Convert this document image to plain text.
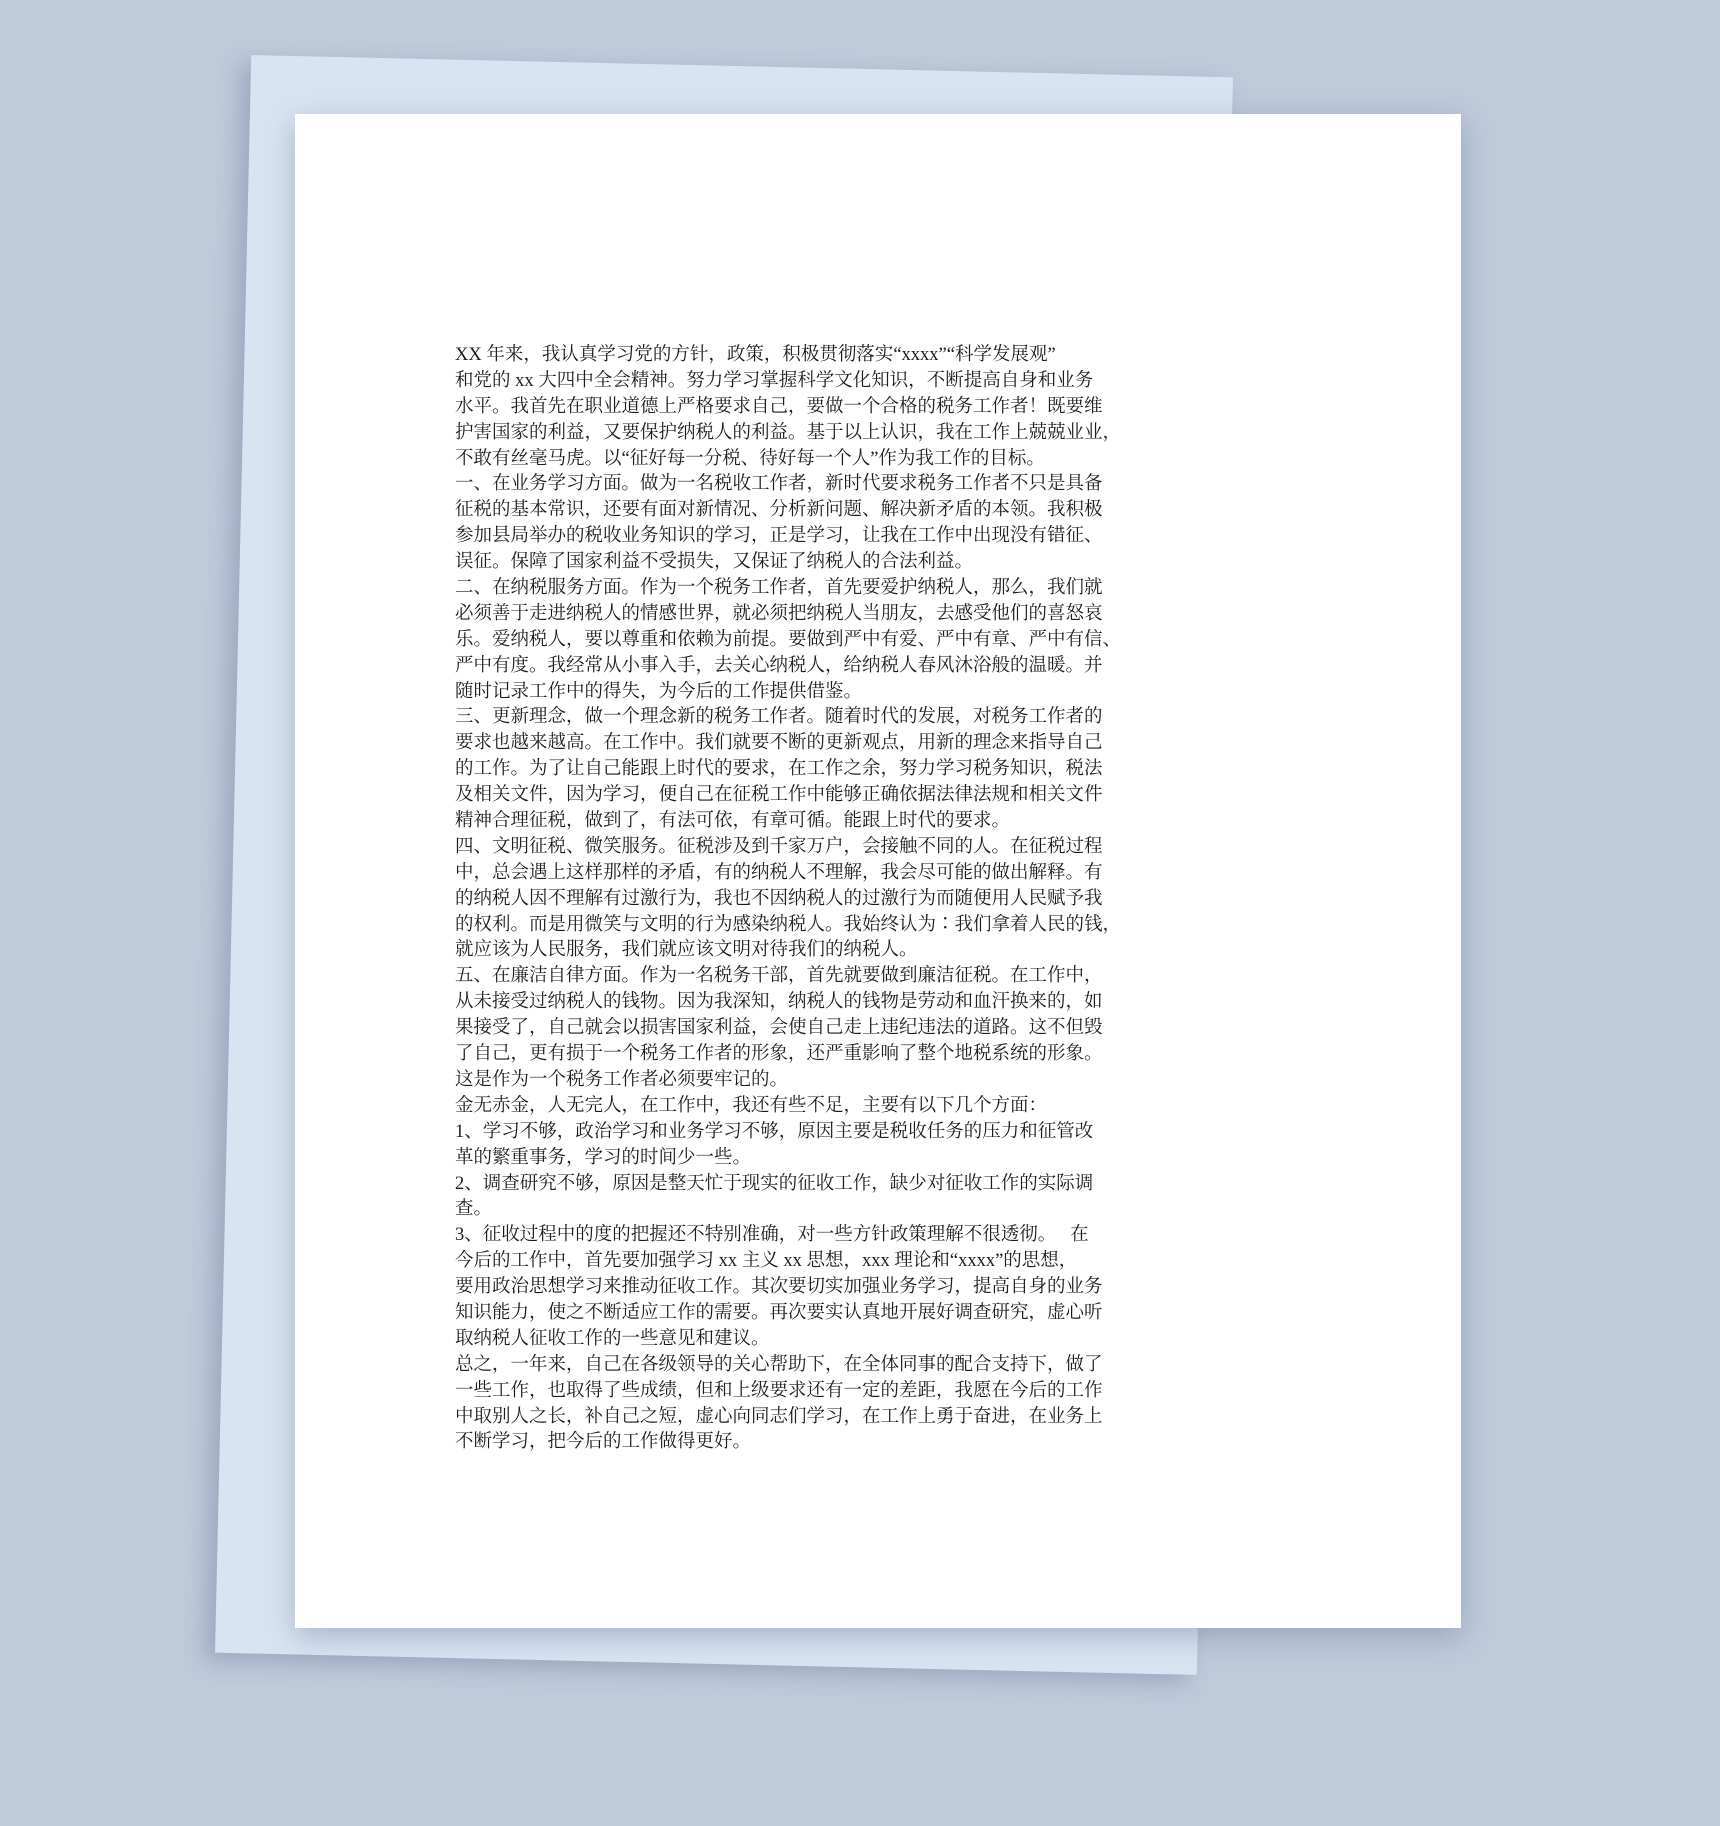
XX 年来，我认真学习党的方针，政策，积极贯彻落实“xxxx”“科学发展观”
和党的 xx 大四中全会精神。努力学习掌握科学文化知识，不断提高自身和业务
水平。我首先在职业道德上严格要求自己，要做一个合格的税务工作者！既要维
护害国家的利益，又要保护纳税人的利益。基于以上认识，我在工作上兢兢业业，
不敢有丝毫马虎。以“征好每一分税、待好每一个人”作为我工作的目标。
一、在业务学习方面。做为一名税收工作者，新时代要求税务工作者不只是具备
征税的基本常识，还要有面对新情况、分析新问题、解决新矛盾的本领。我积极
参加县局举办的税收业务知识的学习，正是学习，让我在工作中出现没有错征、
误征。保障了国家利益不受损失，又保证了纳税人的合法利益。
二、在纳税服务方面。作为一个税务工作者，首先要爱护纳税人，那么，我们就
必须善于走进纳税人的情感世界，就必须把纳税人当朋友，去感受他们的喜怒哀
乐。爱纳税人，要以尊重和依赖为前提。要做到严中有爱、严中有章、严中有信、
严中有度。我经常从小事入手，去关心纳税人，给纳税人春风沐浴般的温暖。并
随时记录工作中的得失，为今后的工作提供借鉴。
三、更新理念，做一个理念新的税务工作者。随着时代的发展，对税务工作者的
要求也越来越高。在工作中。我们就要不断的更新观点，用新的理念来指导自己
的工作。为了让自己能跟上时代的要求，在工作之余，努力学习税务知识，税法
及相关文件，因为学习，便自己在征税工作中能够正确依据法律法规和相关文件
精神合理征税，做到了，有法可依，有章可循。能跟上时代的要求。
四、文明征税、微笑服务。征税涉及到千家万户，会接触不同的人。在征税过程
中，总会遇上这样那样的矛盾，有的纳税人不理解，我会尽可能的做出解释。有
的纳税人因不理解有过激行为，我也不因纳税人的过激行为而随便用人民赋予我
的权利。而是用微笑与文明的行为感染纳税人。我始终认为∶我们拿着人民的钱，
就应该为人民服务，我们就应该文明对待我们的纳税人。
五、在廉洁自律方面。作为一名税务干部，首先就要做到廉洁征税。在工作中，
从未接受过纳税人的钱物。因为我深知，纳税人的钱物是劳动和血汗换来的，如
果接受了，自己就会以损害国家利益，会使自己走上违纪违法的道路。这不但毁
了自己，更有损于一个税务工作者的形象，还严重影响了整个地税系统的形象。
这是作为一个税务工作者必须要牢记的。
金无赤金，人无完人，在工作中，我还有些不足，主要有以下几个方面：
1、学习不够，政治学习和业务学习不够，原因主要是税收任务的压力和征管改
革的繁重事务，学习的时间少一些。
2、调查研究不够，原因是整天忙于现实的征收工作，缺少对征收工作的实际调
查。
3、征收过程中的度的把握还不特别准确，对一些方针政策理解不很透彻。　 在
今后的工作中，首先要加强学习 xx 主义 xx 思想，xxx 理论和“xxxx”的思想，
要用政治思想学习来推动征收工作。其次要切实加强业务学习，提高自身的业务
知识能力，使之不断适应工作的需要。再次要实认真地开展好调查研究，虚心听
取纳税人征收工作的一些意见和建议。
总之，一年来，自己在各级领导的关心帮助下，在全体同事的配合支持下，做了
一些工作，也取得了些成绩，但和上级要求还有一定的差距，我愿在今后的工作
中取别人之长，补自己之短，虚心向同志们学习，在工作上勇于奋进，在业务上
不断学习，把今后的工作做得更好。
